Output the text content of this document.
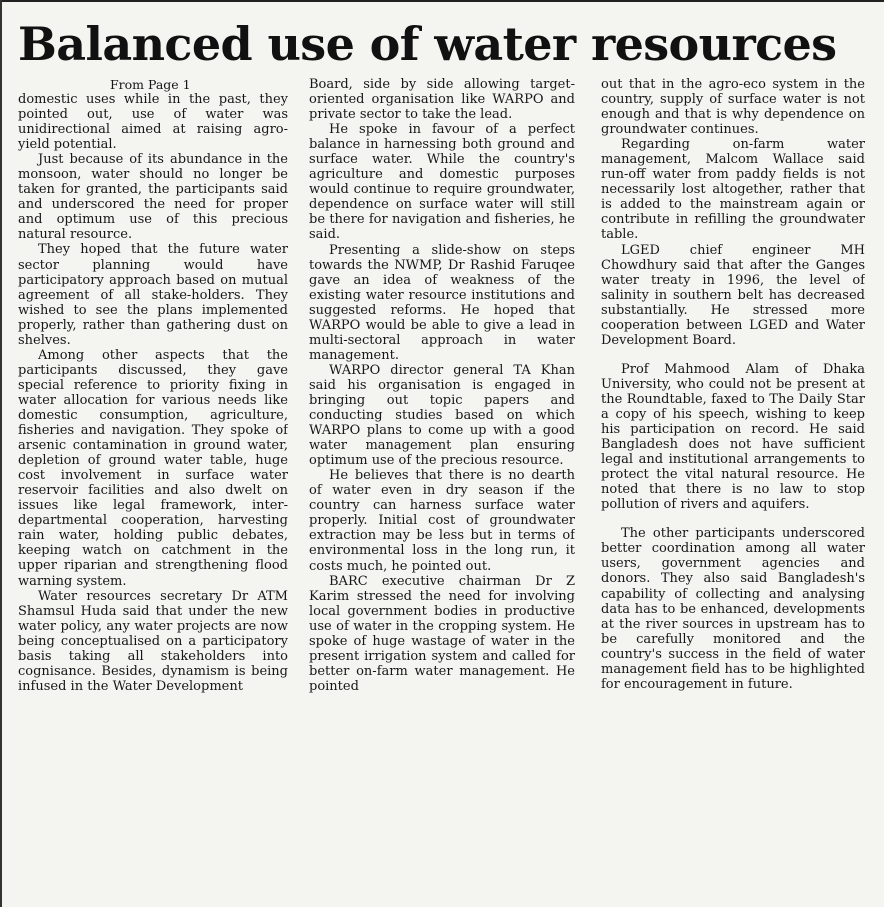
Balanced use of water resources

From Page 1

domestic uses while in the past, they pointed out, use of water was unidirectional aimed at raising agro-yield potential.

Just because of its abundance in the monsoon, water should no longer be taken for granted, the participants said and underscored the need for proper and optimum use of this precious natural resource.

They hoped that the future water sector planning would have participatory approach based on mutual agreement of all stake-holders. They wished to see the plans implemented properly, rather than gathering dust on shelves.

Among other aspects that the participants discussed, they gave special reference to priority fixing in water allocation for various needs like domestic consumption, agriculture, fisheries and navigation. They spoke of arsenic contamination in ground water, depletion of ground water table, huge cost involvement in surface water reservoir facilities and also dwelt on issues like legal framework, inter-departmental cooperation, harvesting rain water, holding public debates, keeping watch on catchment in the upper riparian and strengthening flood warning system.

Water resources secretary Dr ATM Shamsul Huda said that under the new water policy, any water projects are now being conceptualised on a participatory basis taking all stakeholders into cognisance. Besides, dynamism is being infused in the Water Development

Board, side by side allowing target-oriented organisation like WARPO and private sector to take the lead.

He spoke in favour of a perfect balance in harnessing both ground and surface water. While the country's agriculture and domestic purposes would continue to require groundwater, dependence on surface water will still be there for navigation and fisheries, he said.

Presenting a slide-show on steps towards the NWMP, Dr Rashid Faruqee gave an idea of weakness of the existing water resource institutions and suggested reforms. He hoped that WARPO would be able to give a lead in multi-sectoral approach in water management.

WARPO director general TA Khan said his organisation is engaged in bringing out topic papers and conducting studies based on which WARPO plans to come up with a good water management plan ensuring optimum use of the precious resource.

He believes that there is no dearth of water even in dry season if the country can harness surface water properly. Initial cost of groundwater extraction may be less but in terms of environmental loss in the long run, it costs much, he pointed out.

BARC executive chairman Dr Z Karim stressed the need for involving local government bodies in productive use of water in the cropping system. He spoke of huge wastage of water in the present irrigation system and called for better on-farm water management. He pointed

out that in the agro-eco system in the country, supply of surface water is not enough and that is why dependence on groundwater continues.

Regarding on-farm water management, Malcom Wallace said run-off water from paddy fields is not necessarily lost altogether, rather that is added to the mainstream again or contribute in refilling the groundwater table.

LGED chief engineer MH Chowdhury said that after the Ganges water treaty in 1996, the level of salinity in southern belt has decreased substantially. He stressed more cooperation between LGED and Water Development Board.

Prof Mahmood Alam of Dhaka University, who could not be present at the Roundtable, faxed to The Daily Star a copy of his speech, wishing to keep his participation on record. He said Bangladesh does not have sufficient legal and institutional arrangements to protect the vital natural resource. He noted that there is no law to stop pollution of rivers and aquifers.

The other participants underscored better coordination among all water users, government agencies and donors. They also said Bangladesh's capability of collecting and analysing data has to be enhanced, developments at the river sources in upstream has to be carefully monitored and the country's success in the field of water management field has to be highlighted for encouragement in future.
